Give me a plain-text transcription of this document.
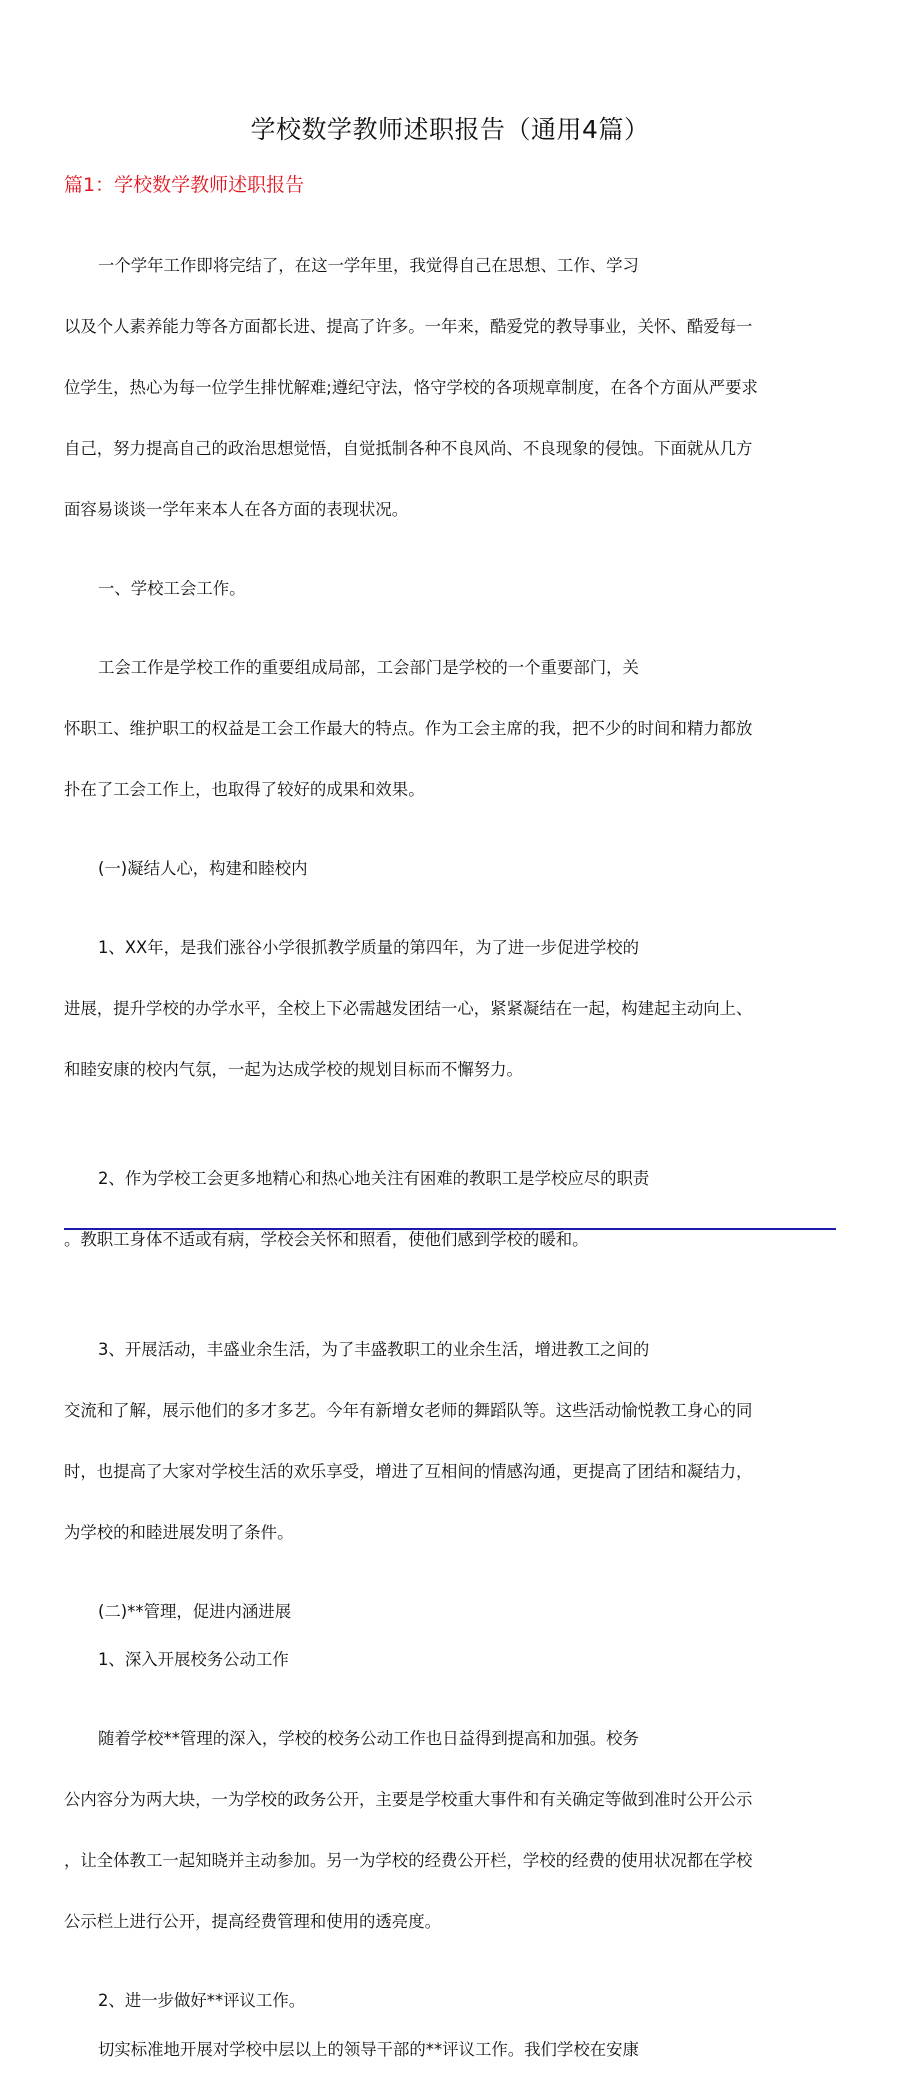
学校数学教师述职报告（通用4篇）
篇1：学校数学教师述职报告

一个学年工作即将完结了，在这一学年里，我觉得自己在思想、工作、学习

以及个人素养能力等各方面都长进、提高了许多。一年来，酷爱党的教导事业，关怀、酷爱每一

位学生，热心为每一位学生排忧解难;遵纪守法，恪守学校的各项规章制度，在各个方面从严要求

自己，努力提高自己的政治思想觉悟，自觉抵制各种不良风尚、不良现象的侵蚀。下面就从几方

面容易谈谈一学年来本人在各方面的表现状况。

一、学校工会工作。

工会工作是学校工作的重要组成局部，工会部门是学校的一个重要部门，关

怀职工、维护职工的权益是工会工作最大的特点。作为工会主席的我，把不少的时间和精力都放

扑在了工会工作上，也取得了较好的成果和效果。

(一)凝结人心，构建和睦校内

1、XX年，是我们涨谷小学很抓教学质量的第四年，为了进一步促进学校的

进展，提升学校的办学水平，全校上下必需越发团结一心，紧紧凝结在一起，构建起主动向上、

和睦安康的校内气氛，一起为达成学校的规划目标而不懈努力。

2、作为学校工会更多地精心和热心地关注有困难的教职工是学校应尽的职责

。教职工身体不适或有病，学校会关怀和照看，使他们感到学校的暖和。

3、开展活动，丰盛业余生活，为了丰盛教职工的业余生活，增进教工之间的

交流和了解，展示他们的多才多艺。今年有新增女老师的舞蹈队等。这些活动愉悦教工身心的同

时，也提高了大家对学校生活的欢乐享受，增进了互相间的情感沟通，更提高了团结和凝结力，

为学校的和睦进展发明了条件。

(二)**管理，促进内涵进展
1、深入开展校务公动工作

随着学校**管理的深入，学校的校务公动工作也日益得到提高和加强。校务

公内容分为两大块，一为学校的政务公开，主要是学校重大事件和有关确定等做到准时公开公示

，让全体教工一起知晓并主动参加。另一为学校的经费公开栏，学校的经费的使用状况都在学校

公示栏上进行公开，提高经费管理和使用的透亮度。

2、进一步做好**评议工作。
切实标准地开展对学校中层以上的领导干部的**评议工作。我们学校在安康
